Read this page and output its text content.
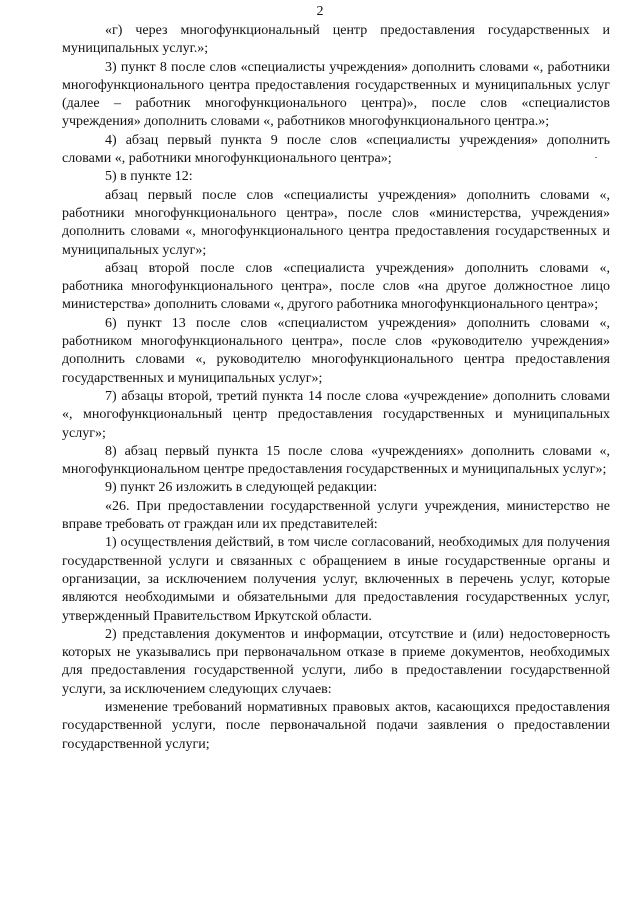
2

«г) через многофункциональный центр предоставления государственных и муниципальных услуг.»;

3) пункт 8 после слов «специалисты учреждения» дополнить словами «, работники многофункционального центра предоставления государственных и муниципальных услуг (далее – работник многофункционального центра)», после слов «специалистов учреждения» дополнить словами «, работников многофункционального центра.»;

4) абзац первый пункта 9 после слов «специалисты учреждения» дополнить словами «, работники многофункционального центра»;

5) в пункте 12:

абзац первый после слов «специалисты учреждения» дополнить словами «, работники многофункционального центра», после слов «министерства, учреждения» дополнить словами «, многофункционального центра предоставления государственных и муниципальных услуг»;

абзац второй после слов «специалиста учреждения» дополнить словами «, работника многофункционального центра», после слов «на другое должностное лицо министерства» дополнить словами «, другого работника многофункционального центра»;

6) пункт 13 после слов «специалистом учреждения» дополнить словами «, работником многофункционального центра», после слов «руководителю учреждения» дополнить словами «, руководителю многофункционального центра предоставления государственных и муниципальных услуг»;

7) абзацы второй, третий пункта 14 после слова «учреждение» дополнить словами «, многофункциональный центр предоставления государственных и муниципальных услуг»;

8) абзац первый пункта 15 после слова «учреждениях» дополнить словами «, многофункциональном центре предоставления государственных и муниципальных услуг»;

9) пункт 26 изложить в следующей редакции:

«26. При предоставлении государственной услуги учреждения, министерство не вправе требовать от граждан или их представителей:

1) осуществления действий, в том числе согласований, необходимых для получения государственной услуги и связанных с обращением в иные государственные органы и организации, за исключением получения услуг, включенных в перечень услуг, которые являются необходимыми и обязательными для предоставления государственных услуг, утвержденный Правительством Иркутской области.

2) представления документов и информации, отсутствие и (или) недостоверность которых не указывались при первоначальном отказе в приеме документов, необходимых для предоставления государственной услуги, либо в предоставлении государственной услуги, за исключением следующих случаев:

изменение требований нормативных правовых актов, касающихся предоставления государственной услуги, после первоначальной подачи заявления о предоставлении государственной услуги;
